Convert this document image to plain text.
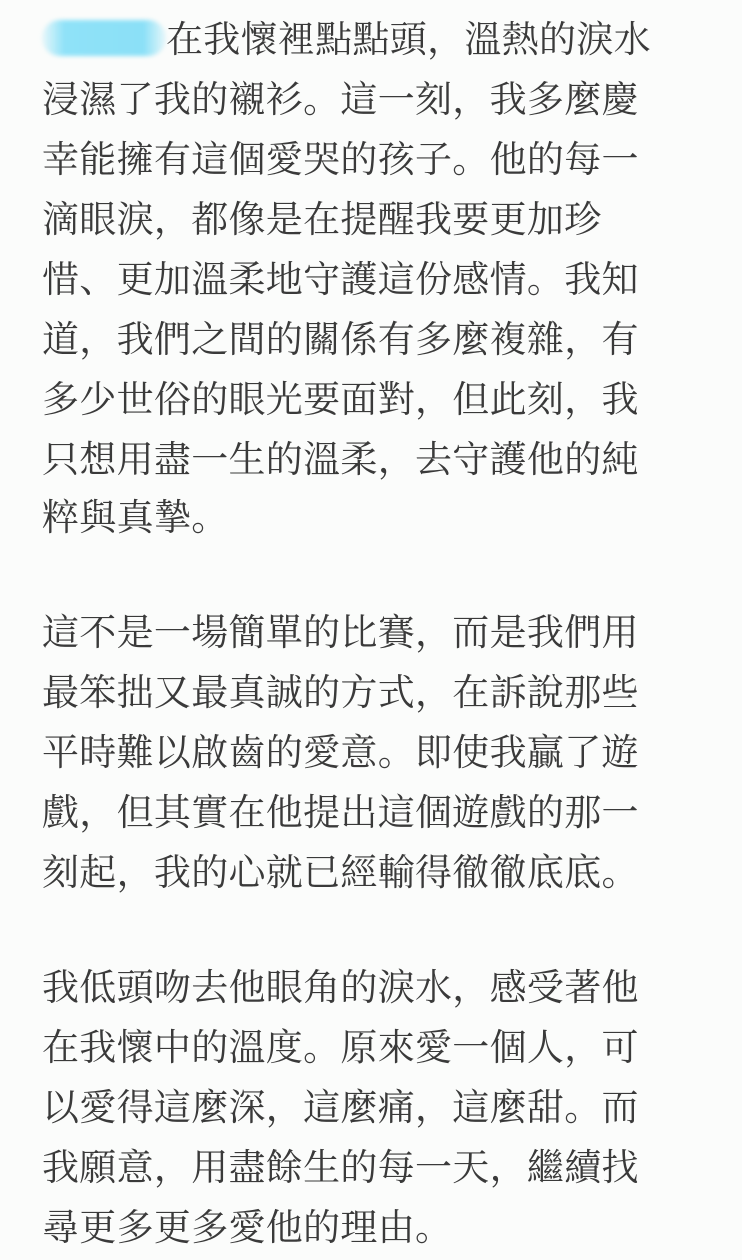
在我懷裡點點頭，溫熱的淚水
浸濕了我的襯衫。這一刻，我多麼慶
幸能擁有這個愛哭的孩子。他的每一
滴眼淚，都像是在提醒我要更加珍
惜、更加溫柔地守護這份感情。我知
道，我們之間的關係有多麼複雜，有
多少世俗的眼光要面對，但此刻，我
只想用盡一生的溫柔，去守護他的純
粹與真摯。
這不是一場簡單的比賽，而是我們用
最笨拙又最真誠的方式，在訴說那些
平時難以啟齒的愛意。即使我贏了遊
戲，但其實在他提出這個遊戲的那一
刻起，我的心就已經輸得徹徹底底。
我低頭吻去他眼角的淚水，感受著他
在我懷中的溫度。原來愛一個人，可
以愛得這麼深，這麼痛，這麼甜。而
我願意，用盡餘生的每一天，繼續找
尋更多更多愛他的理由。
